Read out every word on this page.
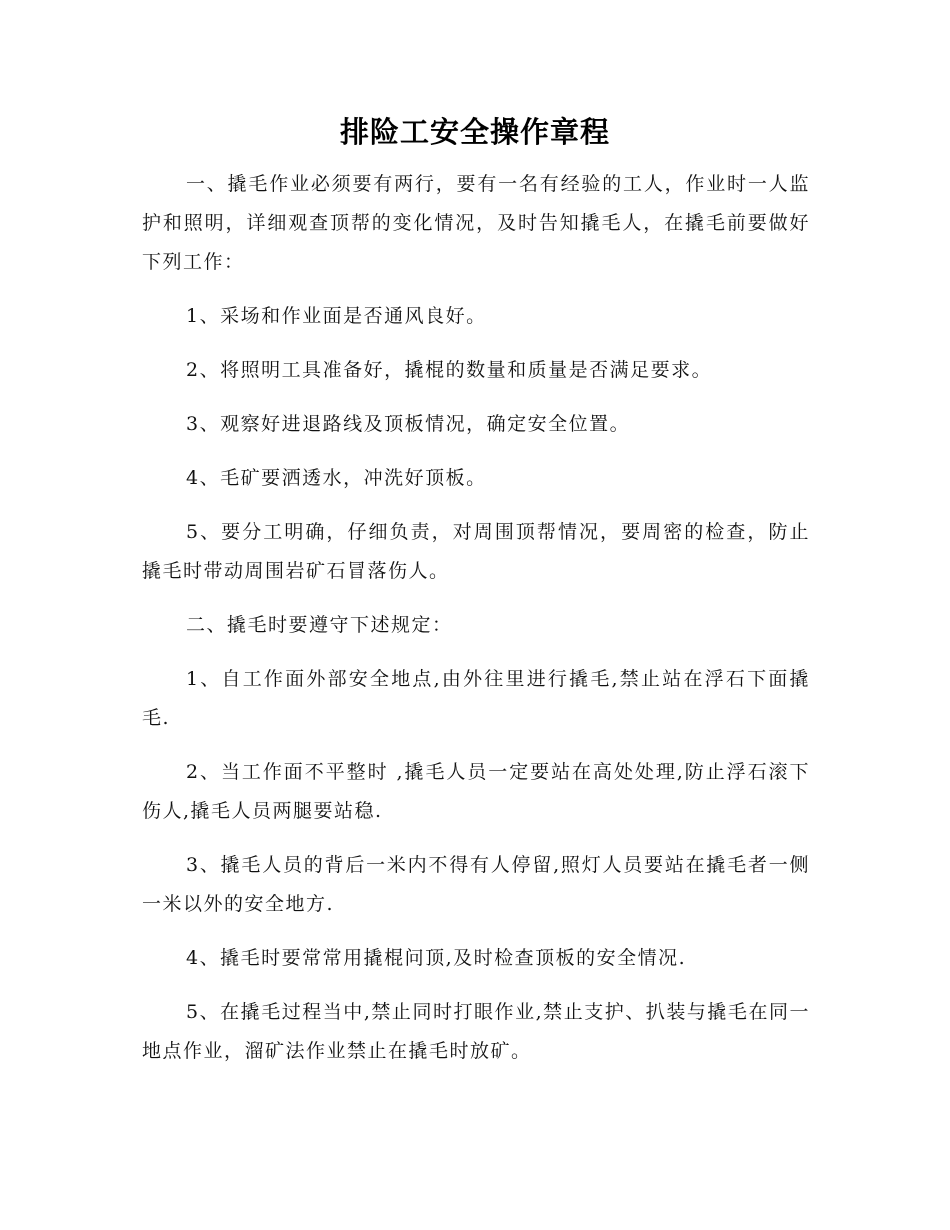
排险工安全操作章程

一、撬毛作业必须要有两行，要有一名有经验的工人，作业时一人监护和照明，详细观查顶帮的变化情况，及时告知撬毛人，在撬毛前要做好下列工作：

1、采场和作业面是否通风良好。

2、将照明工具准备好，撬棍的数量和质量是否满足要求。

3、观察好进退路线及顶板情况，确定安全位置。

4、毛矿要洒透水，冲洗好顶板。

5、要分工明确，仔细负责，对周围顶帮情况，要周密的检查，防止撬毛时带动周围岩矿石冒落伤人。

二、撬毛时要遵守下述规定：

1、自工作面外部安全地点,由外往里进行撬毛,禁止站在浮石下面撬毛.

2、当工作面不平整时 ,撬毛人员一定要站在高处处理,防止浮石滚下伤人,撬毛人员两腿要站稳.

3、撬毛人员的背后一米内不得有人停留,照灯人员要站在撬毛者一侧一米以外的安全地方.

4、撬毛时要常常用撬棍问顶,及时检查顶板的安全情况.

5、在撬毛过程当中,禁止同时打眼作业,禁止支护、扒装与撬毛在同一地点作业，溜矿法作业禁止在撬毛时放矿。
